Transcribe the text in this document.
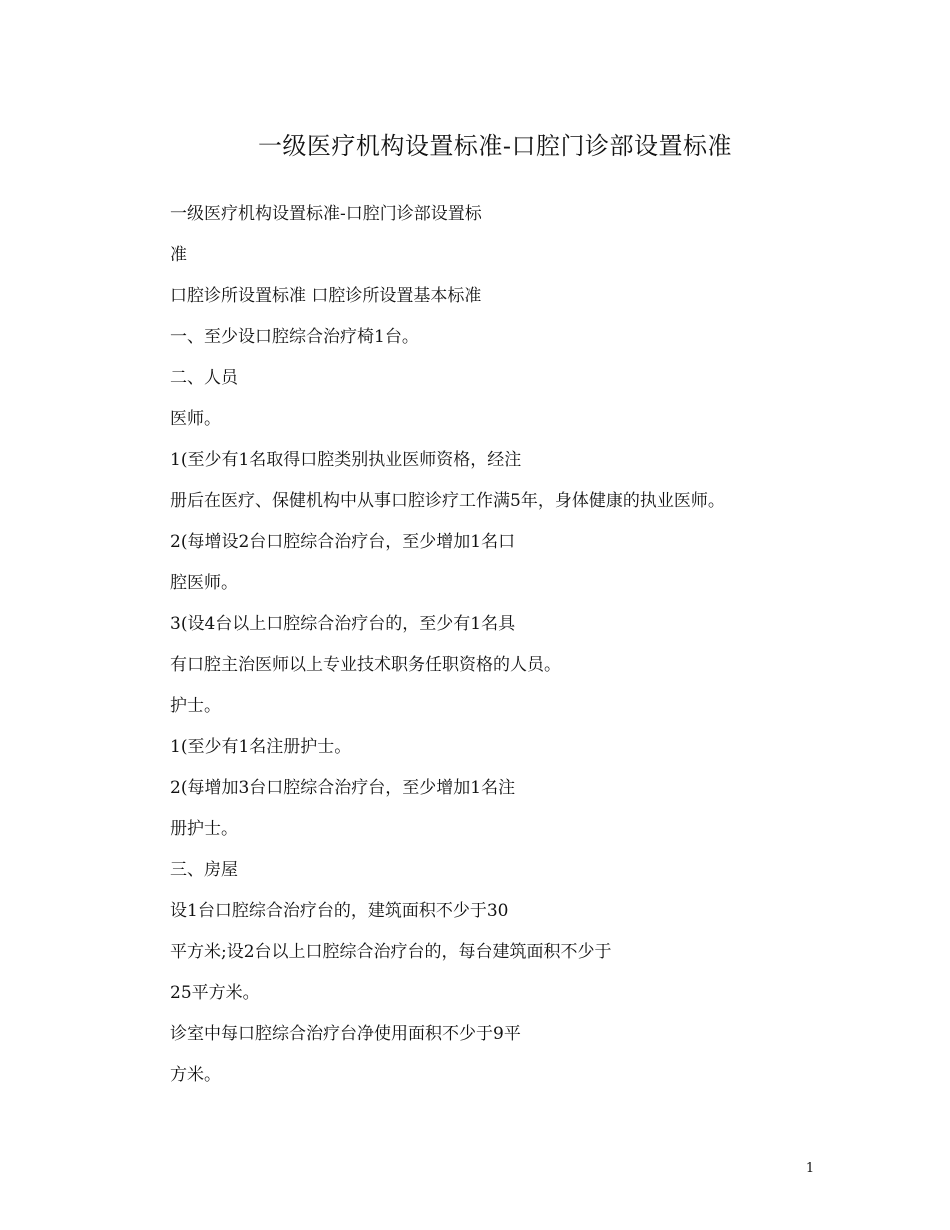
一级医疗机构设置标准-口腔门诊部设置标准
一级医疗机构设置标准-口腔门诊部设置标
准
口腔诊所设置标准 口腔诊所设置基本标准
一、至少设口腔综合治疗椅1台。
二、人员
医师。
1(至少有1名取得口腔类别执业医师资格，经注
册后在医疗、保健机构中从事口腔诊疗工作满5年，身体健康的执业医师。
2(每增设2台口腔综合治疗台，至少增加1名口
腔医师。
3(设4台以上口腔综合治疗台的，至少有1名具
有口腔主治医师以上专业技术职务任职资格的人员。
护士。
1(至少有1名注册护士。
2(每增加3台口腔综合治疗台，至少增加1名注
册护士。
三、房屋
设1台口腔综合治疗台的，建筑面积不少于30
平方米;设2台以上口腔综合治疗台的，每台建筑面积不少于
25平方米。
诊室中每口腔综合治疗台净使用面积不少于9平
方米。
1
